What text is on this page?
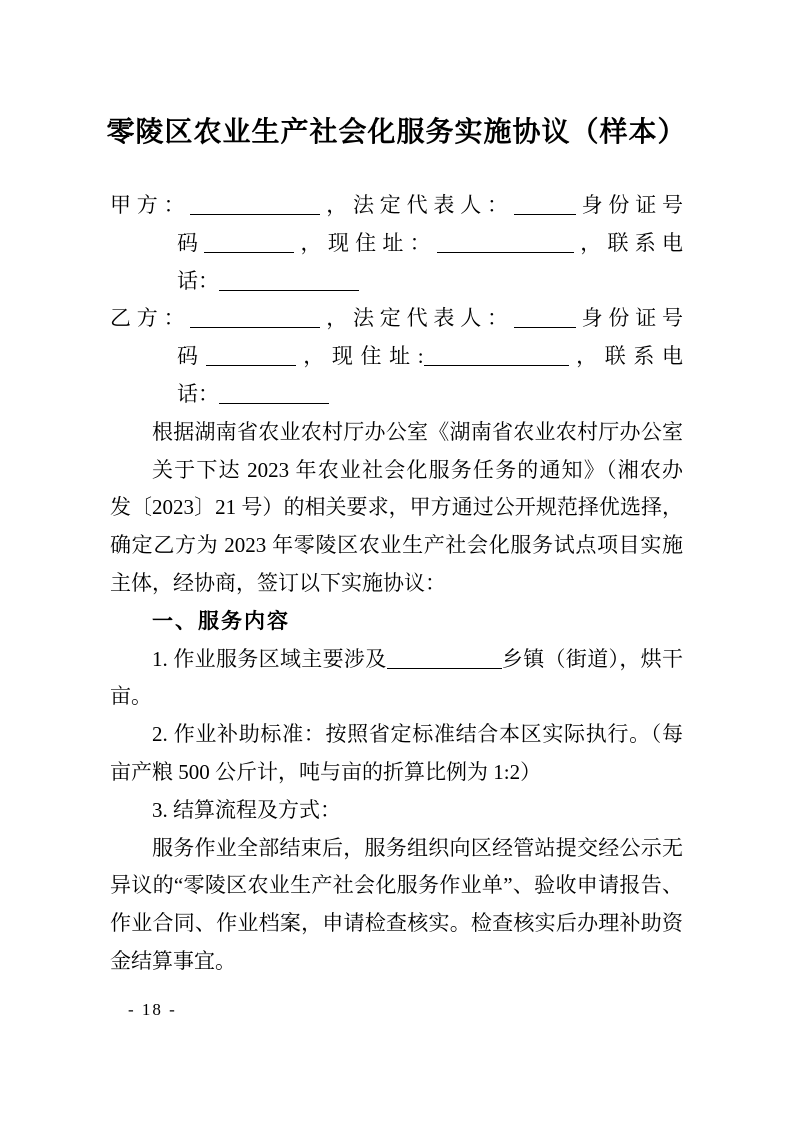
零陵区农业生产社会化服务实施协议（样本）
甲方：	，法定代表人：	身份证号
码	，现住址：	，联系电
话：
乙方：	，法定代表人：	身份证号
码	，现住址:	，联系电
话：
根据湖南省农业农村厅办公室《湖南省农业农村厅办公室
关于下达 2023 年农业社会化服务任务的通知》（湘农办
发〔2023〕21 号）的相关要求，甲方通过公开规范择优选择，
确定乙方为 2023 年零陵区农业生产社会化服务试点项目实施
主体，经协商，签订以下实施协议：
一、服务内容
1. 作业服务区域主要涉及	乡镇（街道），烘干
亩。
2. 作业补助标准：按照省定标准结合本区实际执行。（每
亩产粮 500 公斤计，吨与亩的折算比例为 1:2）
3. 结算流程及方式：
服务作业全部结束后，服务组织向区经管站提交经公示无
异议的“零陵区农业生产社会化服务作业单”、验收申请报告、
作业合同、作业档案，申请检查核实。检查核实后办理补助资
金结算事宜。
- 18 -
